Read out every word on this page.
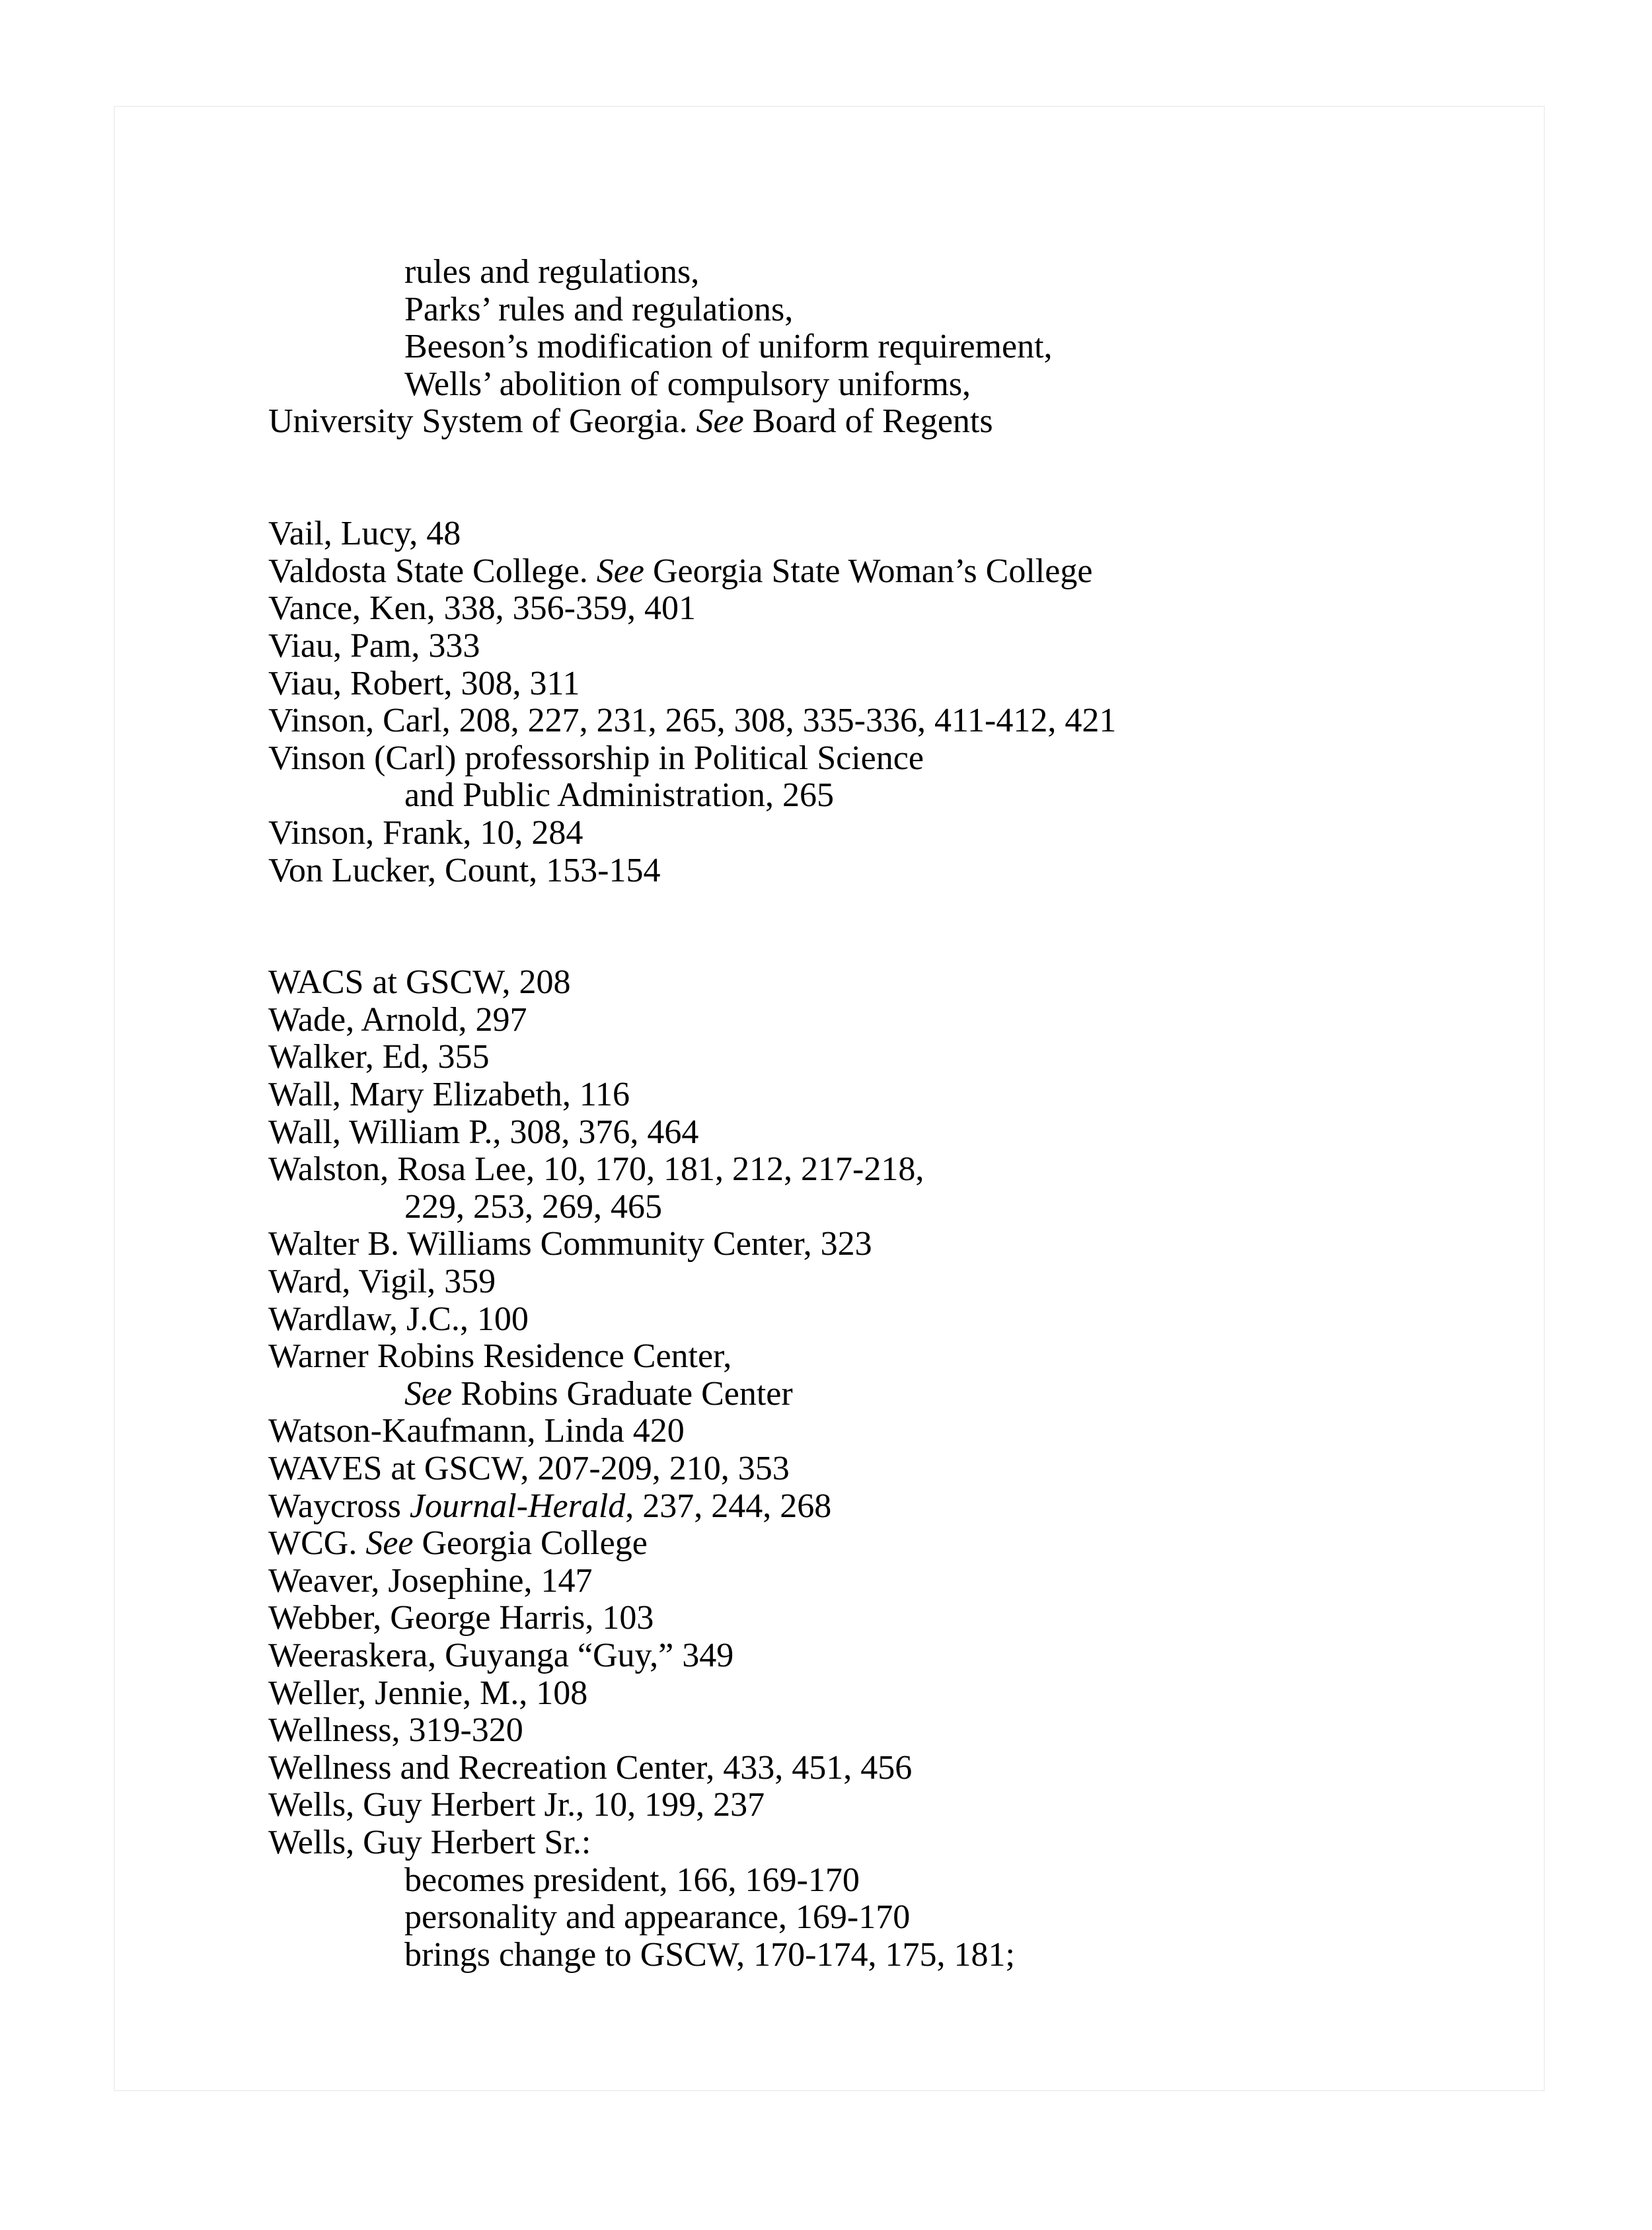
rules and regulations,
Parks’ rules and regulations,
Beeson’s modification of uniform requirement,
Wells’ abolition of compulsory uniforms,
University System of Georgia. See Board of Regents
Vail, Lucy, 48
Valdosta State College. See Georgia State Woman’s College
Vance, Ken, 338, 356-359, 401
Viau, Pam, 333
Viau, Robert, 308, 311
Vinson, Carl, 208, 227, 231, 265, 308, 335-336, 411-412, 421
Vinson (Carl) professorship in Political Science
and Public Administration, 265
Vinson, Frank, 10, 284
Von Lucker, Count, 153-154
WACS at GSCW, 208
Wade, Arnold, 297
Walker, Ed, 355
Wall, Mary Elizabeth, 116
Wall, William P., 308, 376, 464
Walston, Rosa Lee, 10, 170, 181, 212, 217-218,
229, 253, 269, 465
Walter B. Williams Community Center, 323
Ward, Vigil, 359
Wardlaw, J.C., 100
Warner Robins Residence Center,
See Robins Graduate Center
Watson-Kaufmann, Linda 420
WAVES at GSCW, 207-209, 210, 353
Waycross Journal-Herald, 237, 244, 268
WCG. See Georgia College
Weaver, Josephine, 147
Webber, George Harris, 103
Weeraskera, Guyanga “Guy,” 349
Weller, Jennie, M., 108
Wellness, 319-320
Wellness and Recreation Center, 433, 451, 456
Wells, Guy Herbert Jr., 10, 199, 237
Wells, Guy Herbert Sr.:
becomes president, 166, 169-170
personality and appearance, 169-170
brings change to GSCW, 170-174, 175, 181;
